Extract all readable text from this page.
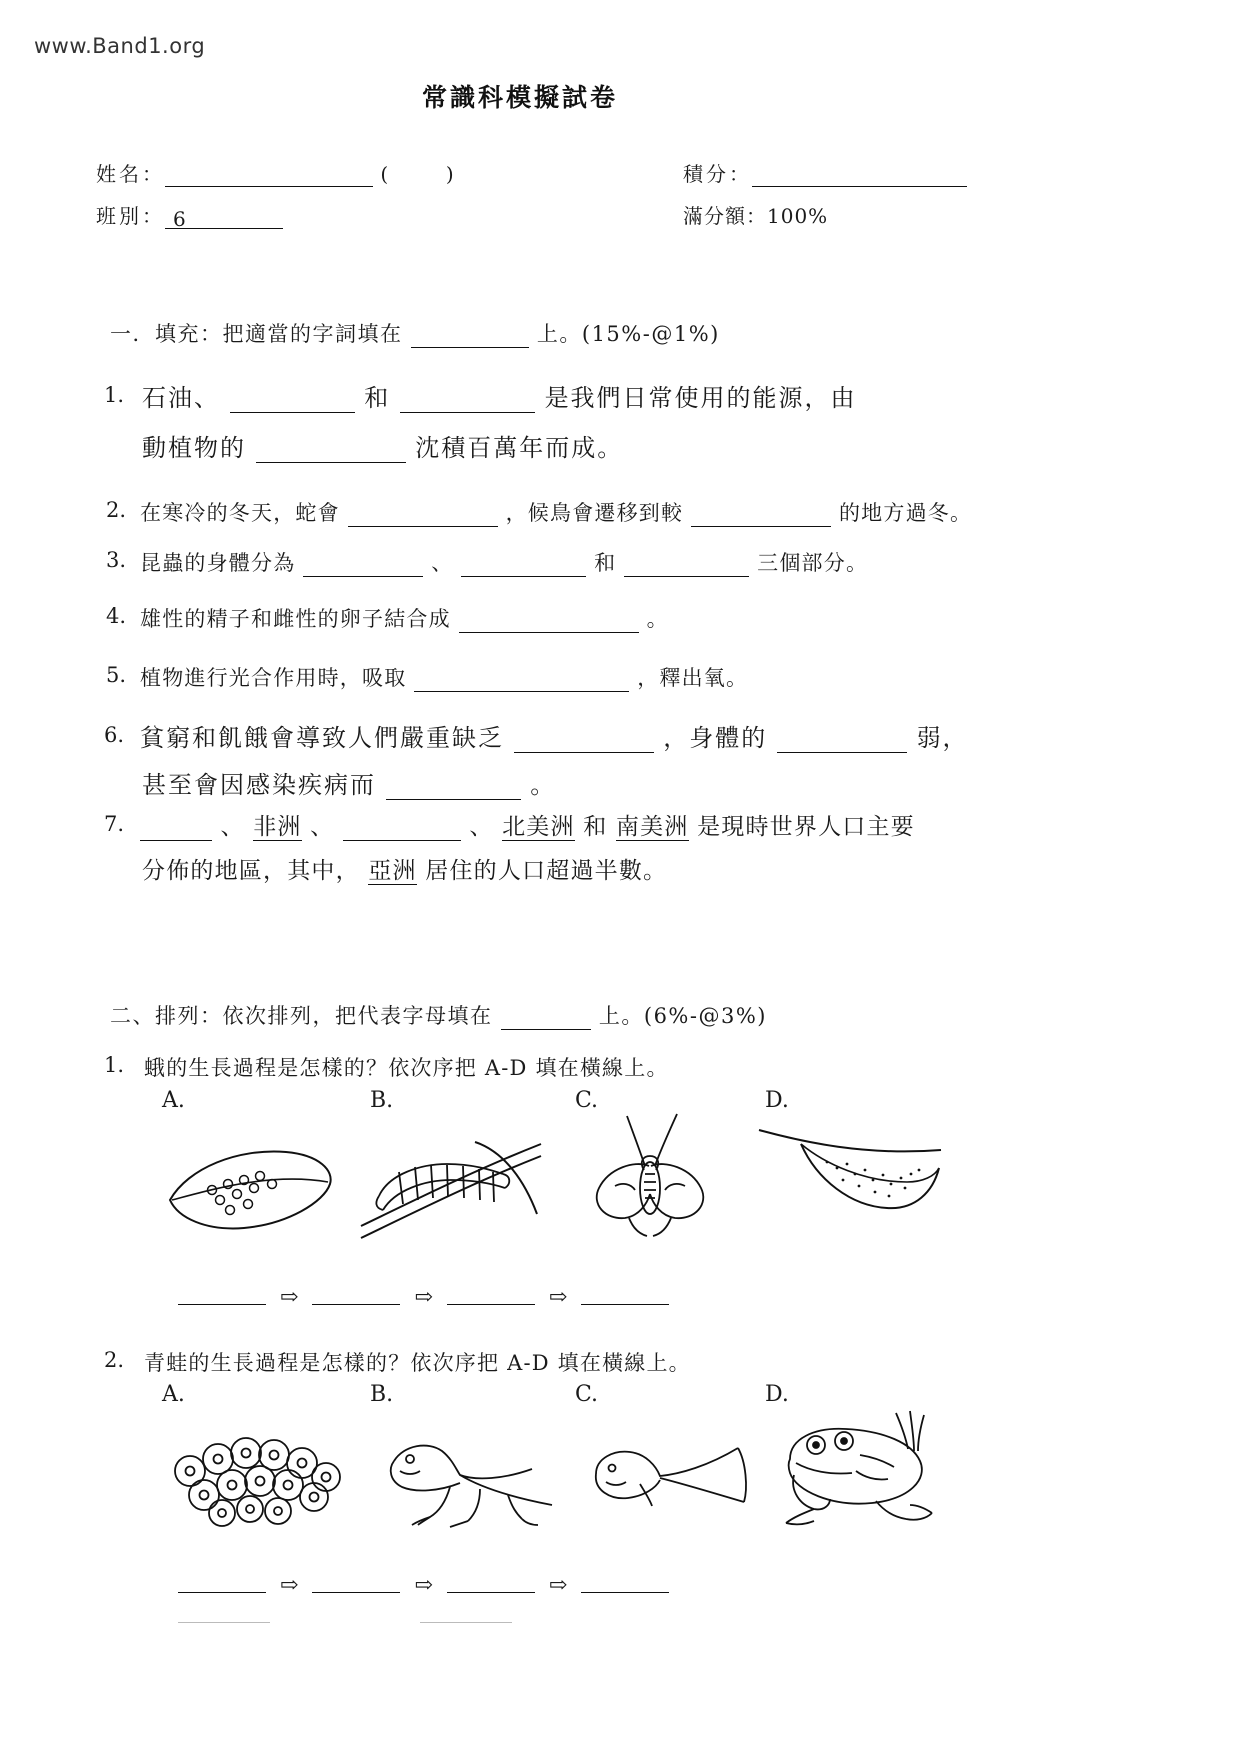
www.Band1.org
常識科模擬試卷
姓名：	(	)
班別： 6
積分：
滿分額：100%
一．填充：把適當的字詞填在	上。(15%-@1%)
1. 石油、	和	是我們日常使用的能源，由
動植物的	沈積百萬年而成。
2. 在寒冷的冬天，蛇會	，候鳥會遷移到較	的地方過冬。
3. 昆蟲的身體分為	、	和	三個部分。
4. 雄性的精子和雌性的卵子結合成	。
5. 植物進行光合作用時，吸取	，釋出氧。
6. 貧窮和飢餓會導致人們嚴重缺乏	，身體的	弱，
甚至會因感染疾病而	。
7.	、 非洲 、	、 北美洲 和 南美洲 是現時世界人口主要
分佈的地區，其中， 亞洲 居住的人口超過半數。
二、排列：依次排列，把代表字母填在	上。(6%-@3%)
1. 蛾的生長過程是怎樣的？依次序把 A-D 填在橫線上。
A.	B.	C.	D.
⇨	⇨	⇨
2. 青蛙的生長過程是怎樣的？依次序把 A-D 填在橫線上。
A.	B.	C.	D.
⇨	⇨	⇨
